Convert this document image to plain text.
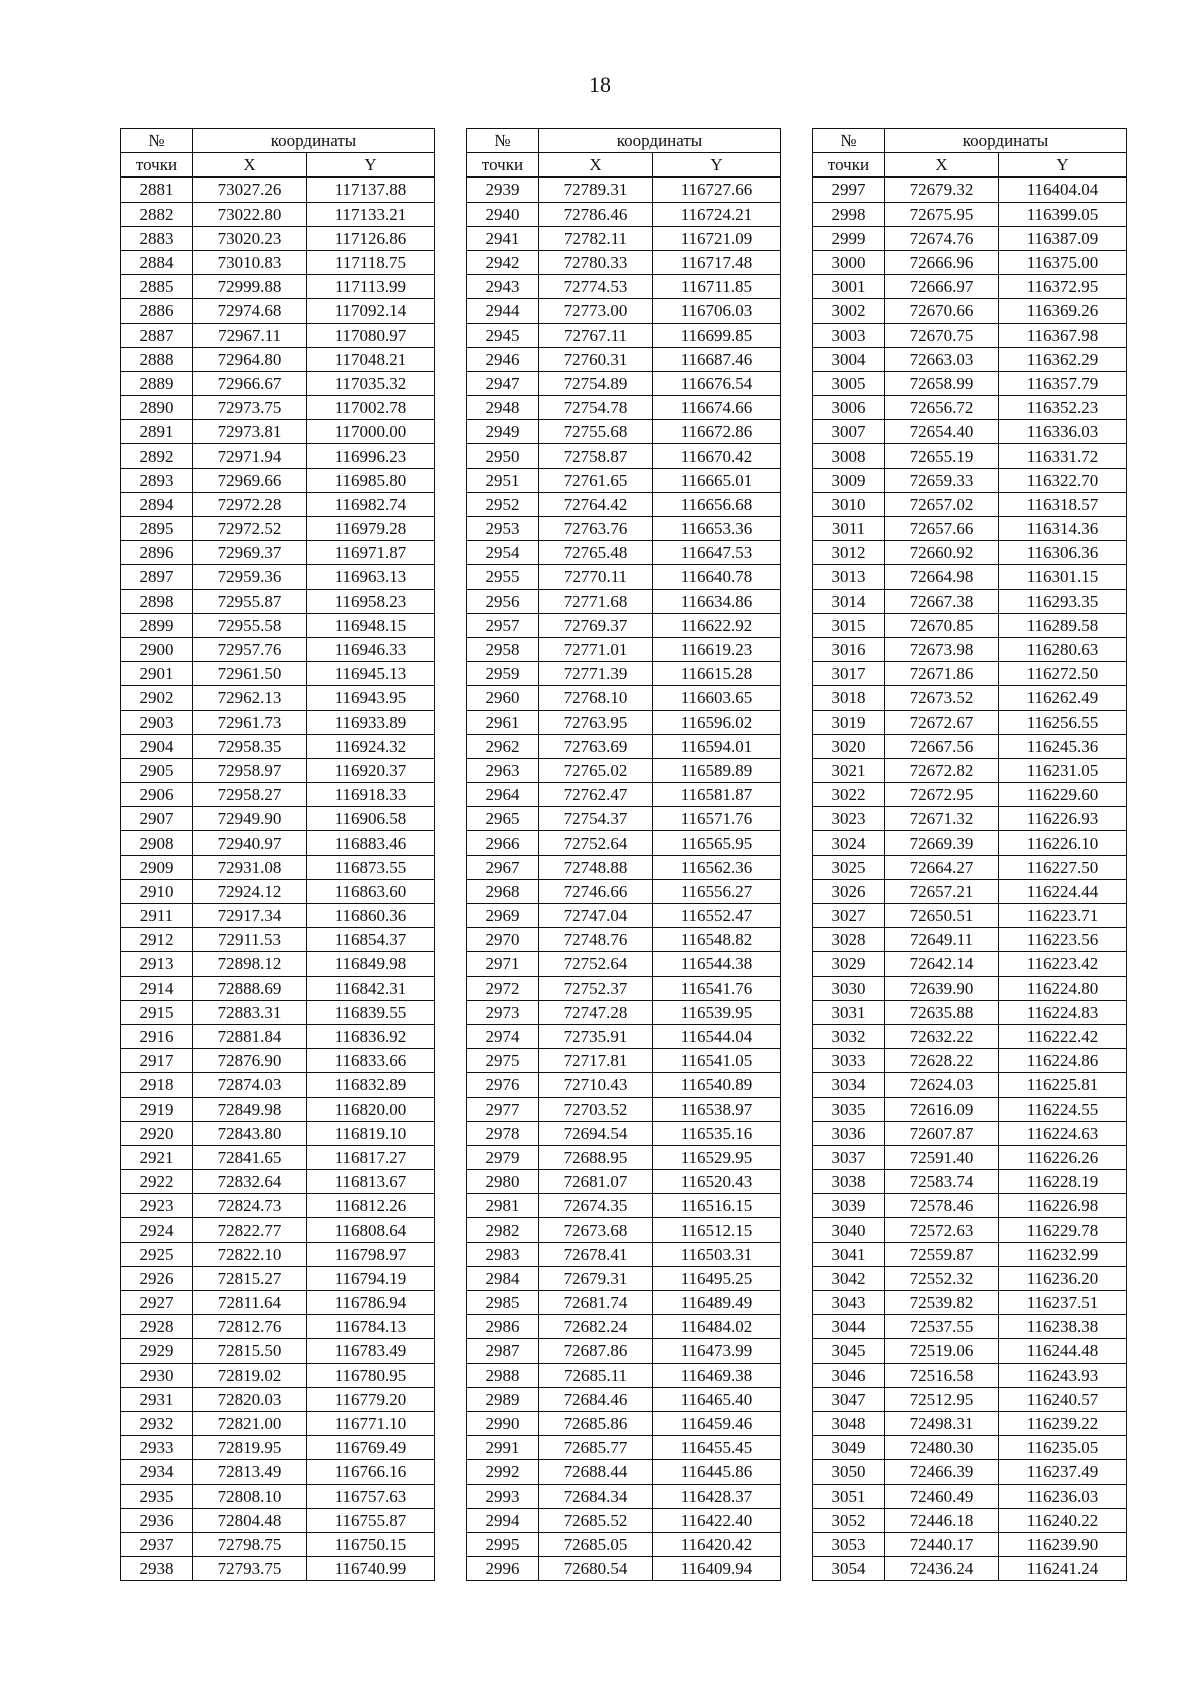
18
№	координаты	
точки	X	Y
2881	73027.26	117137.88
2882	73022.80	117133.21
2883	73020.23	117126.86
2884	73010.83	117118.75
2885	72999.88	117113.99
2886	72974.68	117092.14
2887	72967.11	117080.97
2888	72964.80	117048.21
2889	72966.67	117035.32
2890	72973.75	117002.78
2891	72973.81	117000.00
2892	72971.94	116996.23
2893	72969.66	116985.80
2894	72972.28	116982.74
2895	72972.52	116979.28
2896	72969.37	116971.87
2897	72959.36	116963.13
2898	72955.87	116958.23
2899	72955.58	116948.15
2900	72957.76	116946.33
2901	72961.50	116945.13
2902	72962.13	116943.95
2903	72961.73	116933.89
2904	72958.35	116924.32
2905	72958.97	116920.37
2906	72958.27	116918.33
2907	72949.90	116906.58
2908	72940.97	116883.46
2909	72931.08	116873.55
2910	72924.12	116863.60
2911	72917.34	116860.36
2912	72911.53	116854.37
2913	72898.12	116849.98
2914	72888.69	116842.31
2915	72883.31	116839.55
2916	72881.84	116836.92
2917	72876.90	116833.66
2918	72874.03	116832.89
2919	72849.98	116820.00
2920	72843.80	116819.10
2921	72841.65	116817.27
2922	72832.64	116813.67
2923	72824.73	116812.26
2924	72822.77	116808.64
2925	72822.10	116798.97
2926	72815.27	116794.19
2927	72811.64	116786.94
2928	72812.76	116784.13
2929	72815.50	116783.49
2930	72819.02	116780.95
2931	72820.03	116779.20
2932	72821.00	116771.10
2933	72819.95	116769.49
2934	72813.49	116766.16
2935	72808.10	116757.63
2936	72804.48	116755.87
2937	72798.75	116750.15
2938	72793.75	116740.99
№	координаты	
точки	X	Y
2939	72789.31	116727.66
2940	72786.46	116724.21
2941	72782.11	116721.09
2942	72780.33	116717.48
2943	72774.53	116711.85
2944	72773.00	116706.03
2945	72767.11	116699.85
2946	72760.31	116687.46
2947	72754.89	116676.54
2948	72754.78	116674.66
2949	72755.68	116672.86
2950	72758.87	116670.42
2951	72761.65	116665.01
2952	72764.42	116656.68
2953	72763.76	116653.36
2954	72765.48	116647.53
2955	72770.11	116640.78
2956	72771.68	116634.86
2957	72769.37	116622.92
2958	72771.01	116619.23
2959	72771.39	116615.28
2960	72768.10	116603.65
2961	72763.95	116596.02
2962	72763.69	116594.01
2963	72765.02	116589.89
2964	72762.47	116581.87
2965	72754.37	116571.76
2966	72752.64	116565.95
2967	72748.88	116562.36
2968	72746.66	116556.27
2969	72747.04	116552.47
2970	72748.76	116548.82
2971	72752.64	116544.38
2972	72752.37	116541.76
2973	72747.28	116539.95
2974	72735.91	116544.04
2975	72717.81	116541.05
2976	72710.43	116540.89
2977	72703.52	116538.97
2978	72694.54	116535.16
2979	72688.95	116529.95
2980	72681.07	116520.43
2981	72674.35	116516.15
2982	72673.68	116512.15
2983	72678.41	116503.31
2984	72679.31	116495.25
2985	72681.74	116489.49
2986	72682.24	116484.02
2987	72687.86	116473.99
2988	72685.11	116469.38
2989	72684.46	116465.40
2990	72685.86	116459.46
2991	72685.77	116455.45
2992	72688.44	116445.86
2993	72684.34	116428.37
2994	72685.52	116422.40
2995	72685.05	116420.42
2996	72680.54	116409.94
№	координаты	
точки	X	Y
2997	72679.32	116404.04
2998	72675.95	116399.05
2999	72674.76	116387.09
3000	72666.96	116375.00
3001	72666.97	116372.95
3002	72670.66	116369.26
3003	72670.75	116367.98
3004	72663.03	116362.29
3005	72658.99	116357.79
3006	72656.72	116352.23
3007	72654.40	116336.03
3008	72655.19	116331.72
3009	72659.33	116322.70
3010	72657.02	116318.57
3011	72657.66	116314.36
3012	72660.92	116306.36
3013	72664.98	116301.15
3014	72667.38	116293.35
3015	72670.85	116289.58
3016	72673.98	116280.63
3017	72671.86	116272.50
3018	72673.52	116262.49
3019	72672.67	116256.55
3020	72667.56	116245.36
3021	72672.82	116231.05
3022	72672.95	116229.60
3023	72671.32	116226.93
3024	72669.39	116226.10
3025	72664.27	116227.50
3026	72657.21	116224.44
3027	72650.51	116223.71
3028	72649.11	116223.56
3029	72642.14	116223.42
3030	72639.90	116224.80
3031	72635.88	116224.83
3032	72632.22	116222.42
3033	72628.22	116224.86
3034	72624.03	116225.81
3035	72616.09	116224.55
3036	72607.87	116224.63
3037	72591.40	116226.26
3038	72583.74	116228.19
3039	72578.46	116226.98
3040	72572.63	116229.78
3041	72559.87	116232.99
3042	72552.32	116236.20
3043	72539.82	116237.51
3044	72537.55	116238.38
3045	72519.06	116244.48
3046	72516.58	116243.93
3047	72512.95	116240.57
3048	72498.31	116239.22
3049	72480.30	116235.05
3050	72466.39	116237.49
3051	72460.49	116236.03
3052	72446.18	116240.22
3053	72440.17	116239.90
3054	72436.24	116241.24
